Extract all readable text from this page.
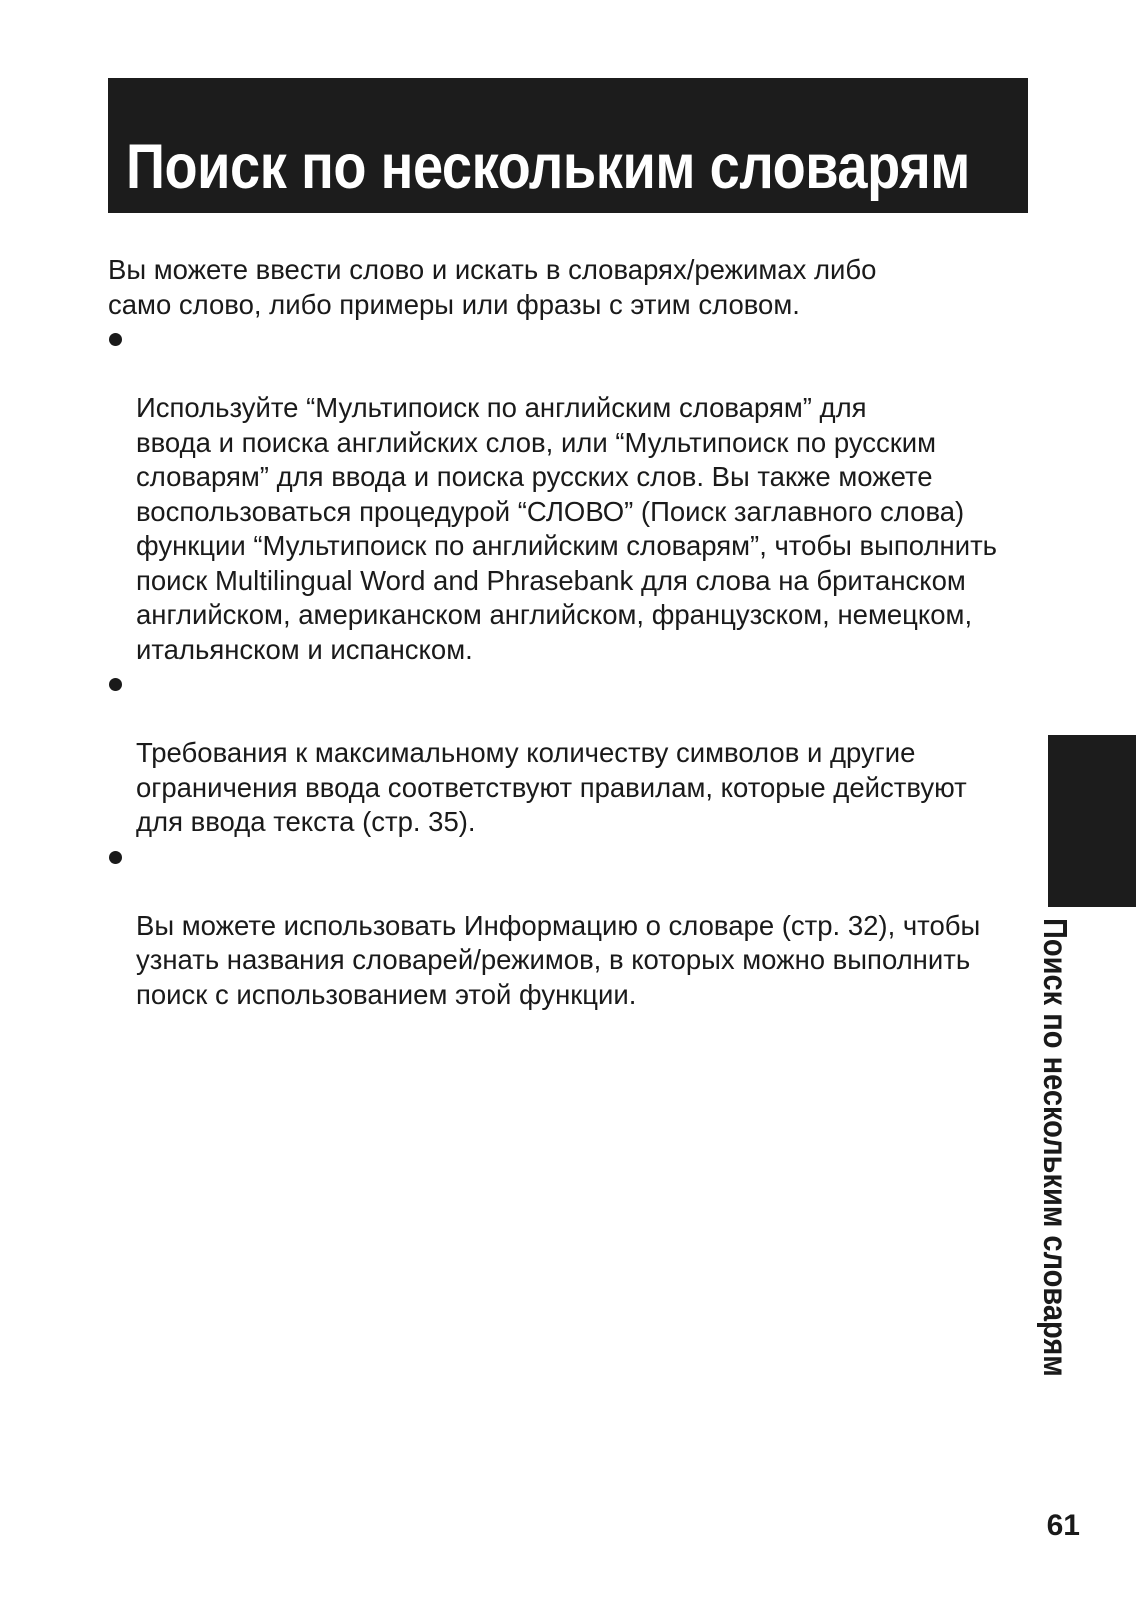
Поиск по нескольким словарям

Вы можете ввести слово и искать в словарях/режимах либо
само слово, либо примеры или фразы с этим словом.

Используйте “Мультипоиск по английским словарям” для
ввода и поиска английских слов, или “Мультипоиск по русским
словарям” для ввода и поиска русских слов. Вы также можете
воспользоваться процедурой “СЛОВО” (Поиск заглавного слова)
функции “Мультипоиск по английским словарям”, чтобы выполнить
поиск Multilingual Word and Phrasebank для слова на британском
английском, американском английском, французском, немецком,
итальянском и испанском.

Требования к максимальному количеству символов и другие
ограничения ввода соответствуют правилам, которые действуют
для ввода текста (стр. 35).

Вы можете использовать Информацию о словаре (стр. 32), чтобы
узнать названия словарей/режимов, в которых можно выполнить
поиск с использованием этой функции.	Поиск по нескольким словарям
61
